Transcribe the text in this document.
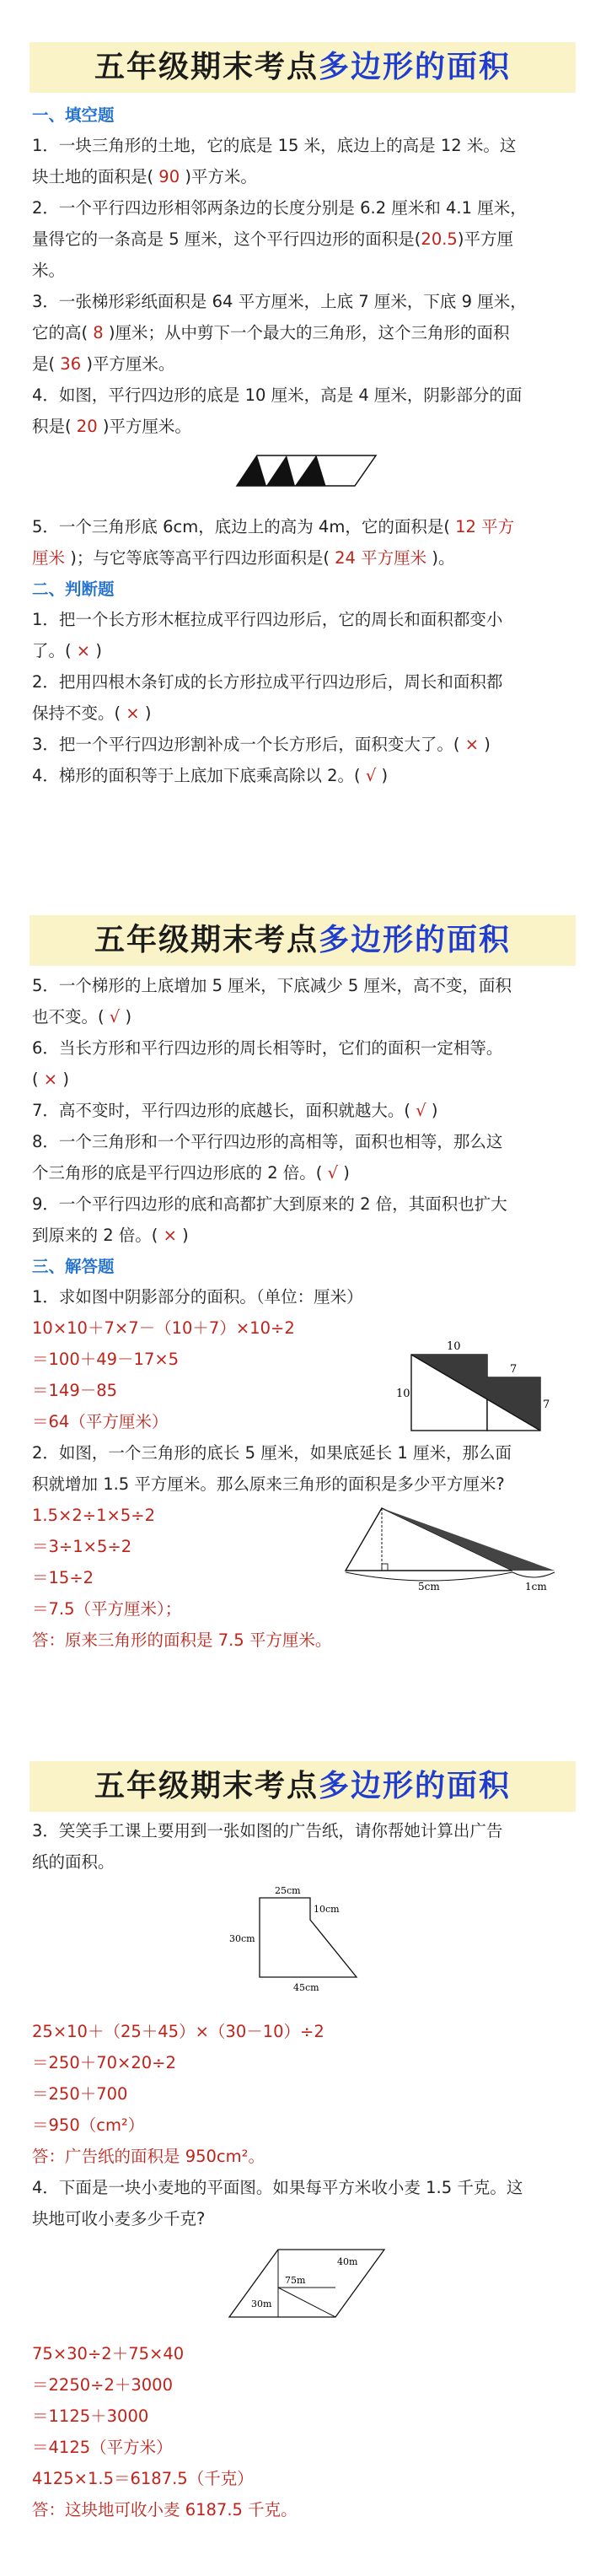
五年级期末考点多边形的面积
一、填空题
1．一块三角形的土地，它的底是 15 米，底边上的高是 12 米。这
块土地的面积是( 90 )平方米。
2．一个平行四边形相邻两条边的长度分别是 6.2 厘米和 4.1 厘米，
量得它的一条高是 5 厘米，这个平行四边形的面积是(20.5)平方厘
米。
3．一张梯形彩纸面积是 64 平方厘米，上底 7 厘米，下底 9 厘米，
它的高( 8 )厘米；从中剪下一个最大的三角形，这个三角形的面积
是( 36 )平方厘米。
4．如图，平行四边形的底是 10 厘米，高是 4 厘米，阴影部分的面
积是( 20 )平方厘米。
5．一个三角形底 6cm，底边上的高为 4m，它的面积是( 12 平方
厘米 )；与它等底等高平行四边形面积是( 24 平方厘米 )。
二、判断题
1．把一个长方形木框拉成平行四边形后，它的周长和面积都变小
了。( × )
2．把用四根木条钉成的长方形拉成平行四边形后，周长和面积都
保持不变。( × )
3．把一个平行四边形割补成一个长方形后，面积变大了。( × )
4．梯形的面积等于上底加下底乘高除以 2。( √ )
五年级期末考点多边形的面积
5．一个梯形的上底增加 5 厘米，下底减少 5 厘米，高不变，面积
也不变。( √ )
6．当长方形和平行四边形的周长相等时，它们的面积一定相等。
( × )
7．高不变时，平行四边形的底越长，面积就越大。( √ )
8．一个三角形和一个平行四边形的高相等，面积也相等，那么这
个三角形的底是平行四边形底的 2 倍。( √ )
9．一个平行四边形的底和高都扩大到原来的 2 倍，其面积也扩大
到原来的 2 倍。( × )
三、解答题
1．求如图中阴影部分的面积。（单位：厘米）
10×10＋7×7－（10＋7）×10÷2
＝100＋49－17×5
＝149－85
＝64（平方厘米）
10
7
10
7
2．如图，一个三角形的底长 5 厘米，如果底延长 1 厘米，那么面
积就增加 1.5 平方厘米。那么原来三角形的面积是多少平方厘米?
1.5×2÷1×5÷2
＝3÷1×5÷2
＝15÷2
＝7.5（平方厘米）；
答：原来三角形的面积是 7.5 平方厘米。
5cm	1cm
五年级期末考点多边形的面积
3．笑笑手工课上要用到一张如图的广告纸，请你帮她计算出广告
纸的面积。
25cm
10cm
30cm
45cm
25×10＋（25＋45）×（30－10）÷2
＝250＋70×20÷2
＝250＋700
＝950（cm²）
答：广告纸的面积是 950cm²。
4．下面是一块小麦地的平面图。如果每平方米收小麦 1.5 千克。这
块地可收小麦多少千克?
40m
75m
30m
75×30÷2＋75×40
＝2250÷2＋3000
＝1125＋3000
＝4125（平方米）
4125×1.5＝6187.5（千克）
答：这块地可收小麦 6187.5 千克。
